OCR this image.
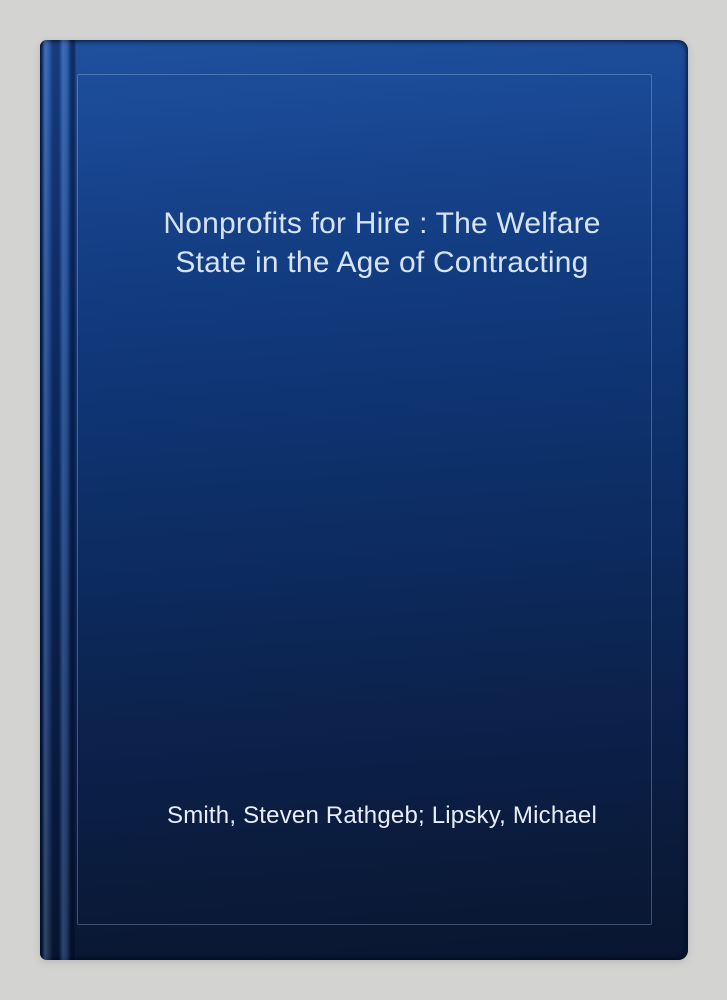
Nonprofits for Hire : The Welfare
State in the Age of Contracting
Smith, Steven Rathgeb; Lipsky, Michael
